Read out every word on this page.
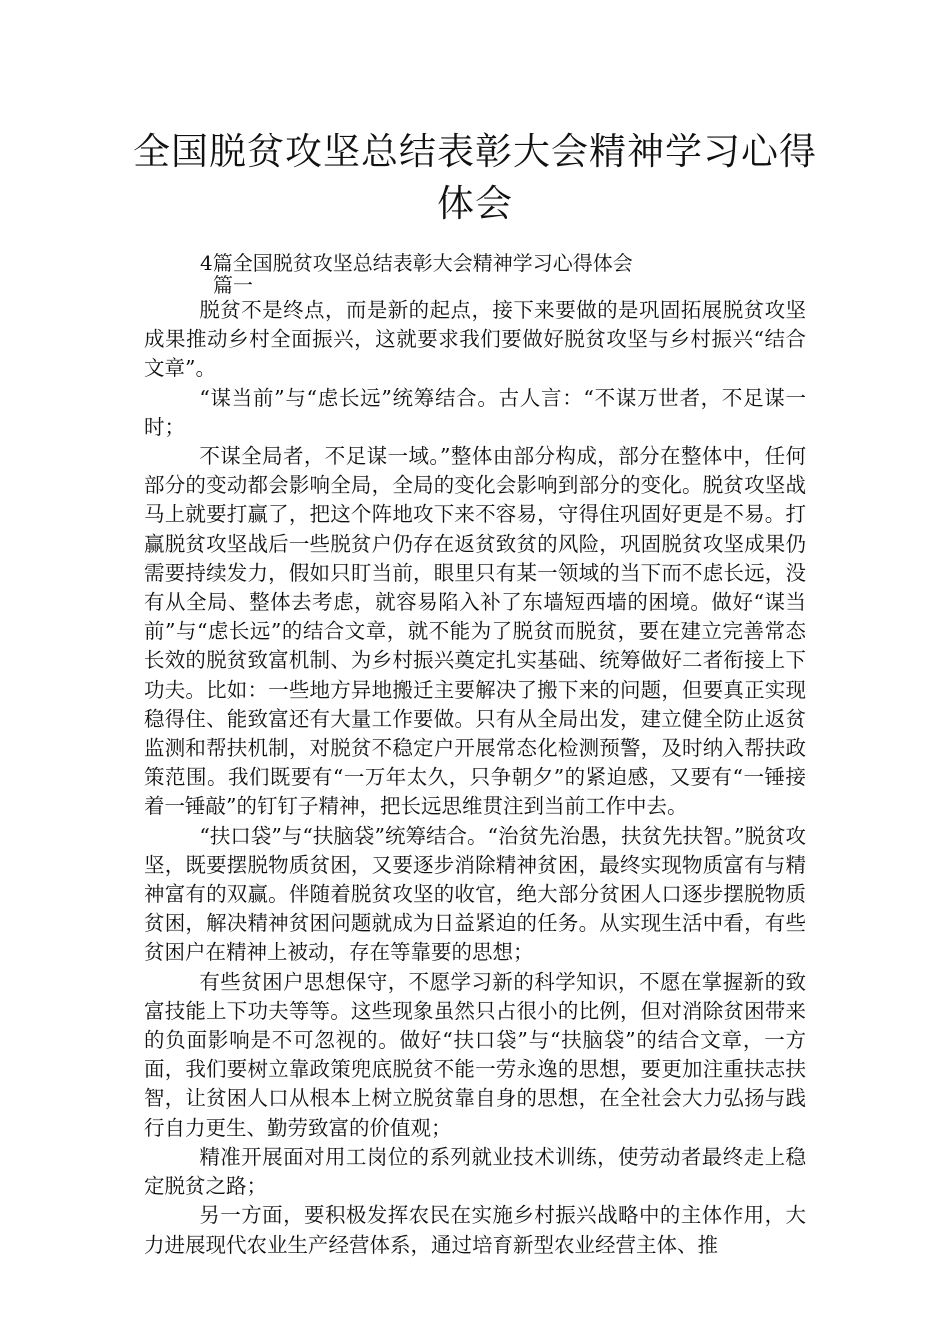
全国脱贫攻坚总结表彰大会精神学习心得体会
4篇全国脱贫攻坚总结表彰大会精神学习心得体会
篇一

脱贫不是终点，而是新的起点，接下来要做的是巩固拓展脱贫攻坚成果推动乡村全面振兴，这就要求我们要做好脱贫攻坚与乡村振兴“结合文章”。

“谋当前”与“虑长远”统筹结合。古人言：“不谋万世者，不足谋一时；

不谋全局者，不足谋一域。”整体由部分构成，部分在整体中，任何部分的变动都会影响全局，全局的变化会影响到部分的变化。脱贫攻坚战马上就要打赢了，把这个阵地攻下来不容易，守得住巩固好更是不易。打赢脱贫攻坚战后一些脱贫户仍存在返贫致贫的风险，巩固脱贫攻坚成果仍需要持续发力，假如只盯当前，眼里只有某一领域的当下而不虑长远，没有从全局、整体去考虑，就容易陷入补了东墙短西墙的困境。做好“谋当前”与“虑长远”的结合文章，就不能为了脱贫而脱贫，要在建立完善常态长效的脱贫致富机制、为乡村振兴奠定扎实基础、统筹做好二者衔接上下功夫。比如：一些地方异地搬迁主要解决了搬下来的问题，但要真正实现稳得住、能致富还有大量工作要做。只有从全局出发，建立健全防止返贫监测和帮扶机制，对脱贫不稳定户开展常态化检测预警，及时纳入帮扶政策范围。我们既要有“一万年太久，只争朝夕”的紧迫感，又要有“一锤接着一锤敲”的钉钉子精神，把长远思维贯注到当前工作中去。

“扶口袋”与“扶脑袋”统筹结合。“治贫先治愚，扶贫先扶智。”脱贫攻坚，既要摆脱物质贫困，又要逐步消除精神贫困，最终实现物质富有与精神富有的双赢。伴随着脱贫攻坚的收官，绝大部分贫困人口逐步摆脱物质贫困，解决精神贫困问题就成为日益紧迫的任务。从实现生活中看，有些贫困户在精神上被动，存在等靠要的思想；

有些贫困户思想保守，不愿学习新的科学知识，不愿在掌握新的致富技能上下功夫等等。这些现象虽然只占很小的比例，但对消除贫困带来的负面影响是不可忽视的。做好“扶口袋”与“扶脑袋”的结合文章，一方面，我们要树立靠政策兜底脱贫不能一劳永逸的思想，要更加注重扶志扶智，让贫困人口从根本上树立脱贫靠自身的思想，在全社会大力弘扬与践行自力更生、勤劳致富的价值观；

精准开展面对用工岗位的系列就业技术训练，使劳动者最终走上稳定脱贫之路；

另一方面，要积极发挥农民在实施乡村振兴战略中的主体作用，大力进展现代农业生产经营体系，通过培育新型农业经营主体、推
